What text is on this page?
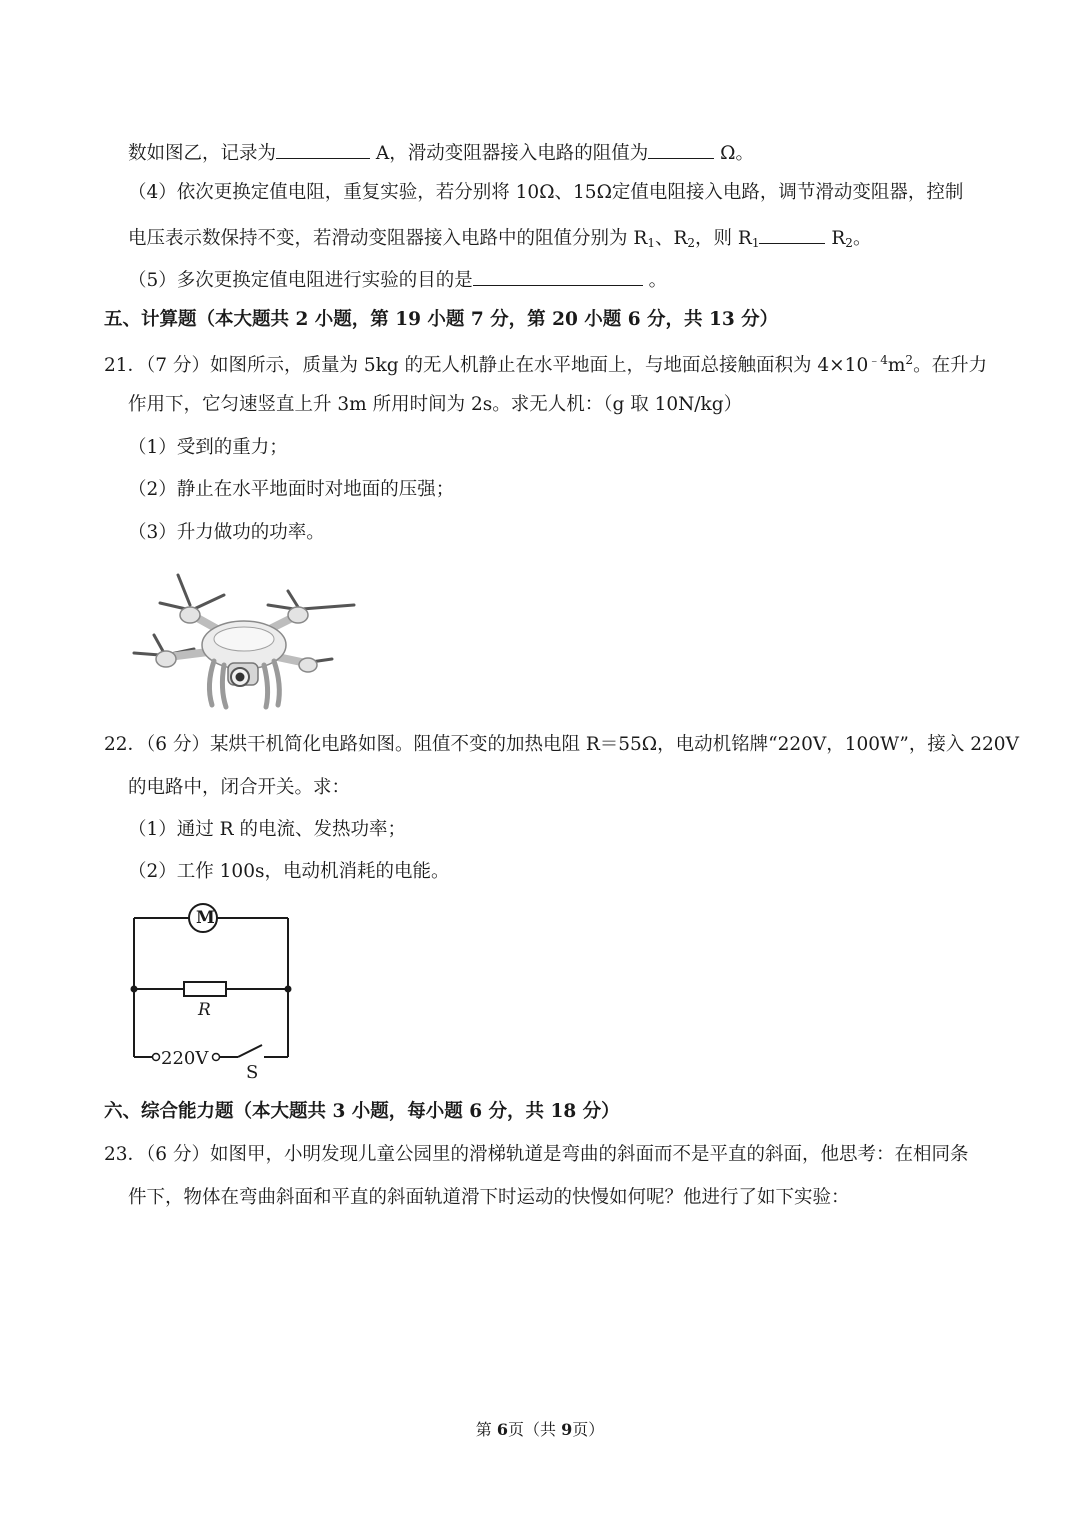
数如图乙，记录为	A，滑动变阻器接入电路的阻值为	Ω。
（4）依次更换定值电阻，重复实验，若分别将 10Ω、15Ω定值电阻接入电路，调节滑动变阻器，控制
电压表示数保持不变，若滑动变阻器接入电路中的阻值分别为 $R_1$、$R_2$，则 $R_1$	$R_2$。
（5）多次更换定值电阻进行实验的目的是	。
五、计算题（本大题共 2 小题，第 19 小题 7 分，第 20 小题 6 分，共 13 分）
21．（7 分）如图所示，质量为 5kg 的无人机静止在水平地面上，与地面总接触面积为 $4\times 10^{﹣4}m^2$。在升力
作用下，它匀速竖直上升 3m 所用时间为 2s。求无人机：（g 取 10N/kg）
（1）受到的重力；
（2）静止在水平地面时对地面的压强；
（3）升力做功的功率。
22．（6 分）某烘干机简化电路如图。阻值不变的加热电阻 R＝55Ω，电动机铭牌“220V，100W”，接入 220V
的电路中，闭合开关。求：
（1）通过 R 的电流、发热功率；
（2）工作 100s，电动机消耗的电能。
M
R
220V
S
六、综合能力题（本大题共 3 小题，每小题 6 分，共 18 分）
23．（6 分）如图甲，小明发现儿童公园里的滑梯轨道是弯曲的斜面而不是平直的斜面，他思考：在相同条
件下，物体在弯曲斜面和平直的斜面轨道滑下时运动的快慢如何呢？他进行了如下实验：
第 6页（共 9页）
